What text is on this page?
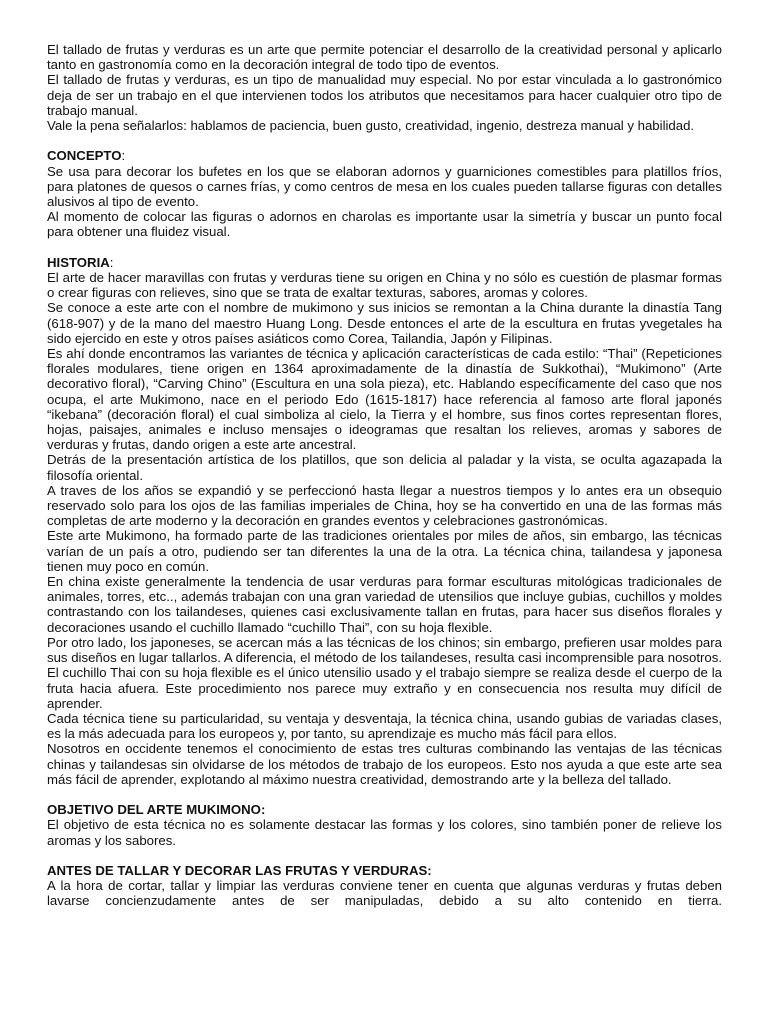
El tallado de frutas y verduras es un arte que permite potenciar el desarrollo de la creatividad personal y aplicarlo tanto en gastronomía como en la decoración integral de todo tipo de eventos.

El tallado de frutas y verduras, es un tipo de manualidad muy especial. No por estar vinculada a lo gastronómico deja de ser un trabajo en el que intervienen todos los atributos que necesitamos para hacer cualquier otro tipo de trabajo manual.

Vale la pena señalarlos: hablamos de paciencia, buen gusto, creatividad, ingenio, destreza manual y habilidad.

CONCEPTO:

Se usa para decorar los bufetes en los que se elaboran adornos y guarniciones comestibles para platillos fríos, para platones de quesos o carnes frías, y como centros de mesa en los cuales pueden tallarse figuras con detalles alusivos al tipo de evento.

Al momento de colocar las figuras o adornos en charolas es importante usar la simetría y buscar un punto focal para obtener una fluidez visual.

HISTORIA:

El arte de hacer maravillas con frutas y verduras tiene su origen en China y no sólo es cuestión de plasmar formas o crear figuras con relieves, sino que se trata de exaltar texturas, sabores, aromas y colores.

Se conoce a este arte con el nombre de mukimono y sus inicios se remontan a la China durante la dinastía Tang (618-907) y de la mano del maestro Huang Long. Desde entonces el arte de la escultura en frutas yvegetales ha sido ejercido en este y otros países asiáticos como Corea, Tailandia, Japón y Filipinas.

Es ahí donde encontramos las variantes de técnica y aplicación características de cada estilo: “Thai” (Repeticiones florales modulares, tiene origen en 1364 aproximadamente de la dinastía de Sukkothai), “Mukimono” (Arte decorativo floral), “Carving Chino” (Escultura en una sola pieza), etc. Hablando específicamente del caso que nos ocupa, el arte Mukimono, nace en el periodo Edo (1615-1817) hace referencia al famoso arte floral japonés “ikebana” (decoración floral) el cual simboliza al cielo, la Tierra y el hombre, sus finos cortes representan flores, hojas, paisajes, animales e incluso mensajes o ideogramas que resaltan los relieves, aromas y sabores de verduras y frutas, dando origen a este arte ancestral.

Detrás de la presentación artística de los platillos, que son delicia al paladar y la vista, se oculta agazapada la filosofía oriental.

A traves de los años se expandió y se perfeccionó hasta llegar a nuestros tiempos y lo antes era un obsequio reservado solo para los ojos de las familias imperiales de China, hoy se ha convertido en una de las formas más completas de arte moderno y la decoración en grandes eventos y celebraciones gastronómicas.

Este arte Mukimono, ha formado parte de las tradiciones orientales por miles de años, sin embargo, las técnicas varían de un país a otro, pudiendo ser tan diferentes la una de la otra. La técnica china, tailandesa y japonesa tienen muy poco en común.

En china existe generalmente la tendencia de usar verduras para formar esculturas mitológicas tradicionales de animales, torres, etc.., además trabajan con una gran variedad de utensilios que incluye gubias, cuchillos y moldes contrastando con los tailandeses, quienes casi exclusivamente tallan en frutas, para hacer sus diseños florales y decoraciones usando el cuchillo llamado “cuchillo Thai”, con su hoja flexible.

Por otro lado, los japoneses, se acercan más a las técnicas de los chinos; sin embargo, prefieren usar moldes para sus diseños en lugar tallarlos. A diferencia, el método de los tailandeses, resulta casi incomprensible para nosotros. El cuchillo Thai con su hoja flexible es el único utensilio usado y el trabajo siempre se realiza desde el cuerpo de la fruta hacia afuera. Este procedimiento nos parece muy extraño y en consecuencia nos resulta muy difícil de aprender.

Cada técnica tiene su particularidad, su ventaja y desventaja, la técnica china, usando gubias de variadas clases, es la más adecuada para los europeos y, por tanto, su aprendizaje es mucho más fácil para ellos.

Nosotros en occidente tenemos el conocimiento de estas tres culturas combinando las ventajas de las técnicas chinas y tailandesas sin olvidarse de los métodos de trabajo de los europeos. Esto nos ayuda a que este arte sea más fácil de aprender, explotando al máximo nuestra creatividad, demostrando arte y la belleza del tallado.

OBJETIVO DEL ARTE MUKIMONO:

El objetivo de esta técnica no es solamente destacar las formas y los colores, sino también poner de relieve los aromas y los sabores.

ANTES DE TALLAR Y DECORAR LAS FRUTAS Y VERDURAS:

A la hora de cortar, tallar y limpiar las verduras conviene tener en cuenta que algunas verduras y frutas deben lavarse concienzudamente antes de ser manipuladas, debido a su alto contenido en tierra.
